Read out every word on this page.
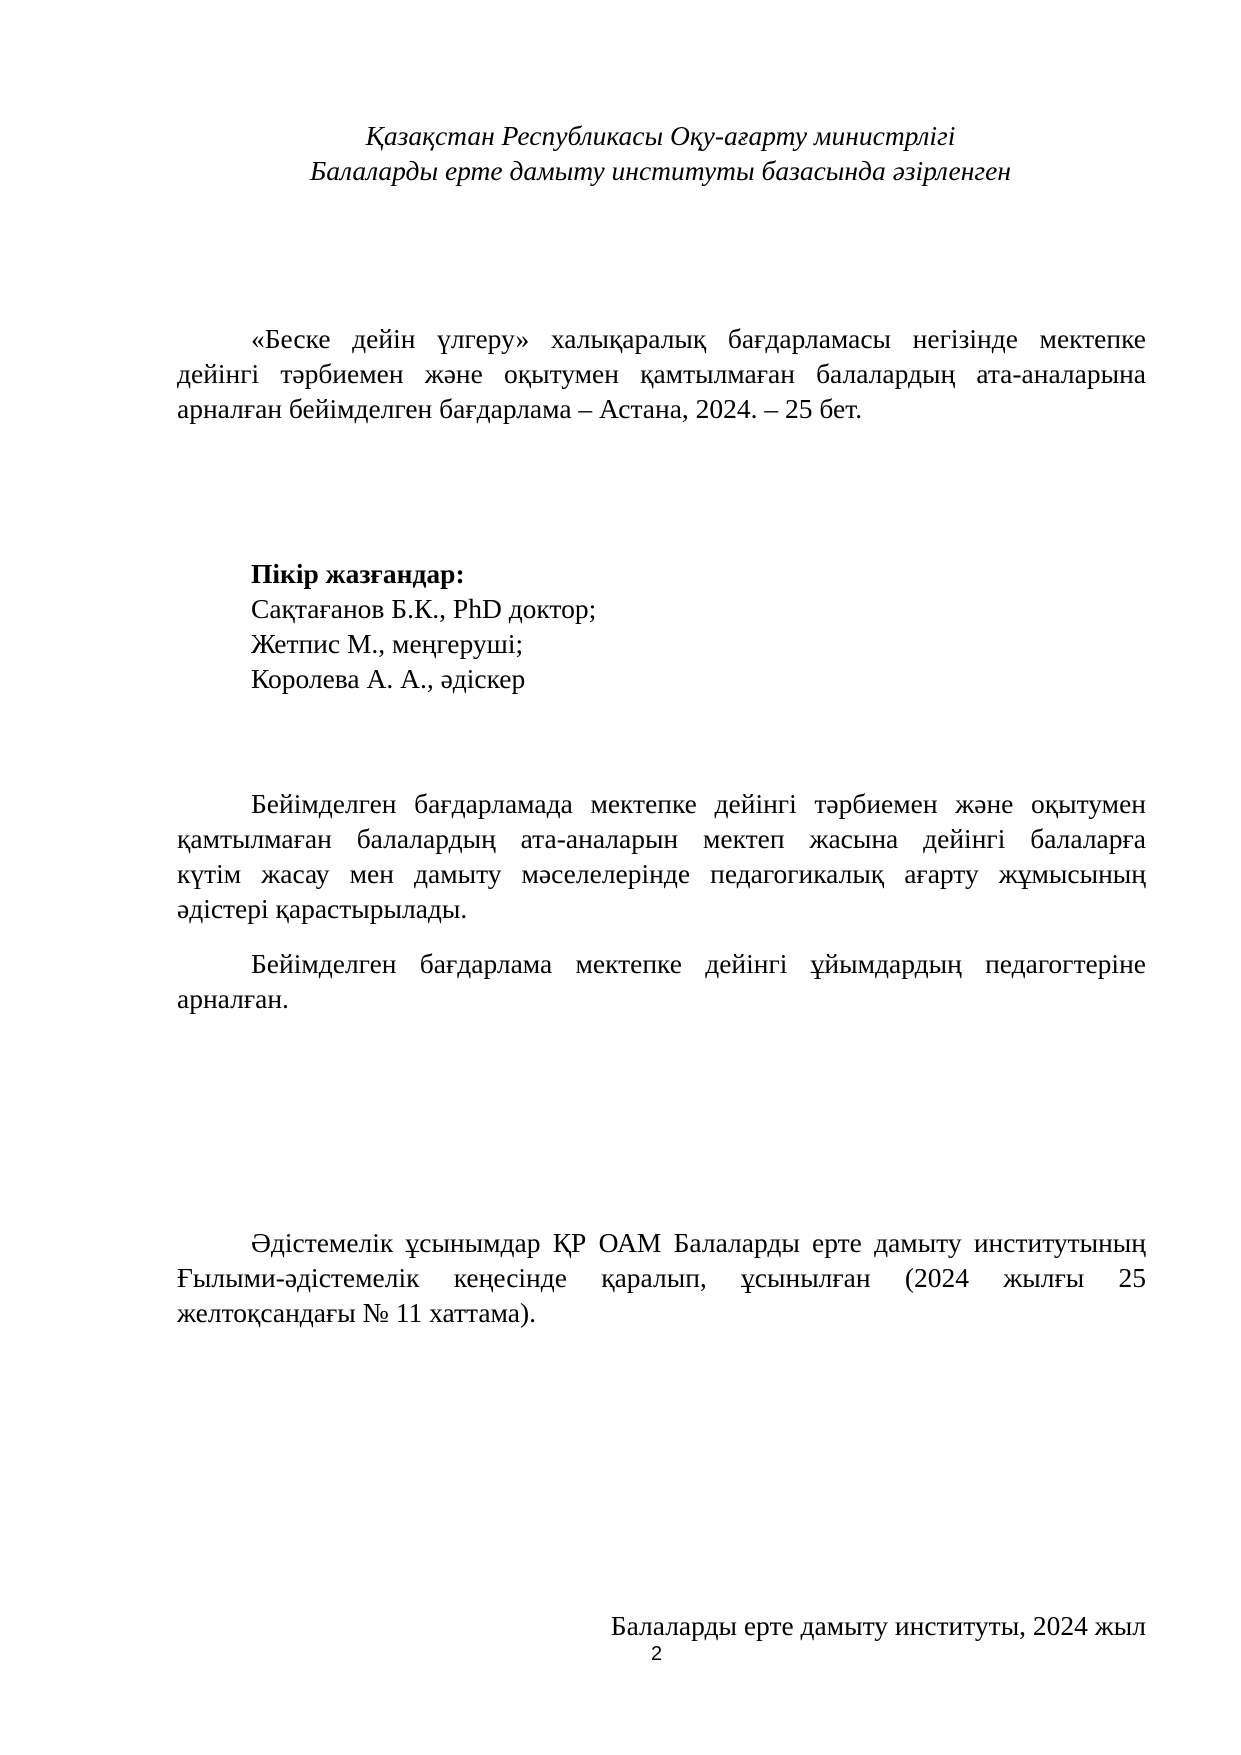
Қазақстан Республикасы Оқу-ағарту министрлігі
Балаларды ерте дамыту институты базасында әзірленген
«Беске дейін үлгеру» халықаралық бағдарламасы негізінде мектепке
дейінгі тәрбиемен және оқытумен қамтылмаған балалардың ата-аналарына
арналған бейімделген бағдарлама – Астана, 2024. – 25 бет.
Пікір жазғандар:
Сақтағанов Б.К., PhD доктор;
Жетпис М., меңгеруші;
Королева А. А., әдіскер
Бейімделген бағдарламада мектепке дейінгі тәрбиемен және оқытумен
қамтылмаған балалардың ата-аналарын мектеп жасына дейінгі балаларға
күтім жасау мен дамыту мәселелерінде педагогикалық ағарту жұмысының
әдістері қарастырылады.
Бейімделген бағдарлама мектепке дейінгі ұйымдардың педагогтеріне
арналған.
Әдістемелік ұсынымдар ҚР ОАМ Балаларды ерте дамыту институтының
Ғылыми-әдістемелік кеңесінде қаралып, ұсынылған (2024 жылғы 25
желтоқсандағы № 11 хаттама).
Балаларды ерте дамыту институты, 2024 жыл
2
